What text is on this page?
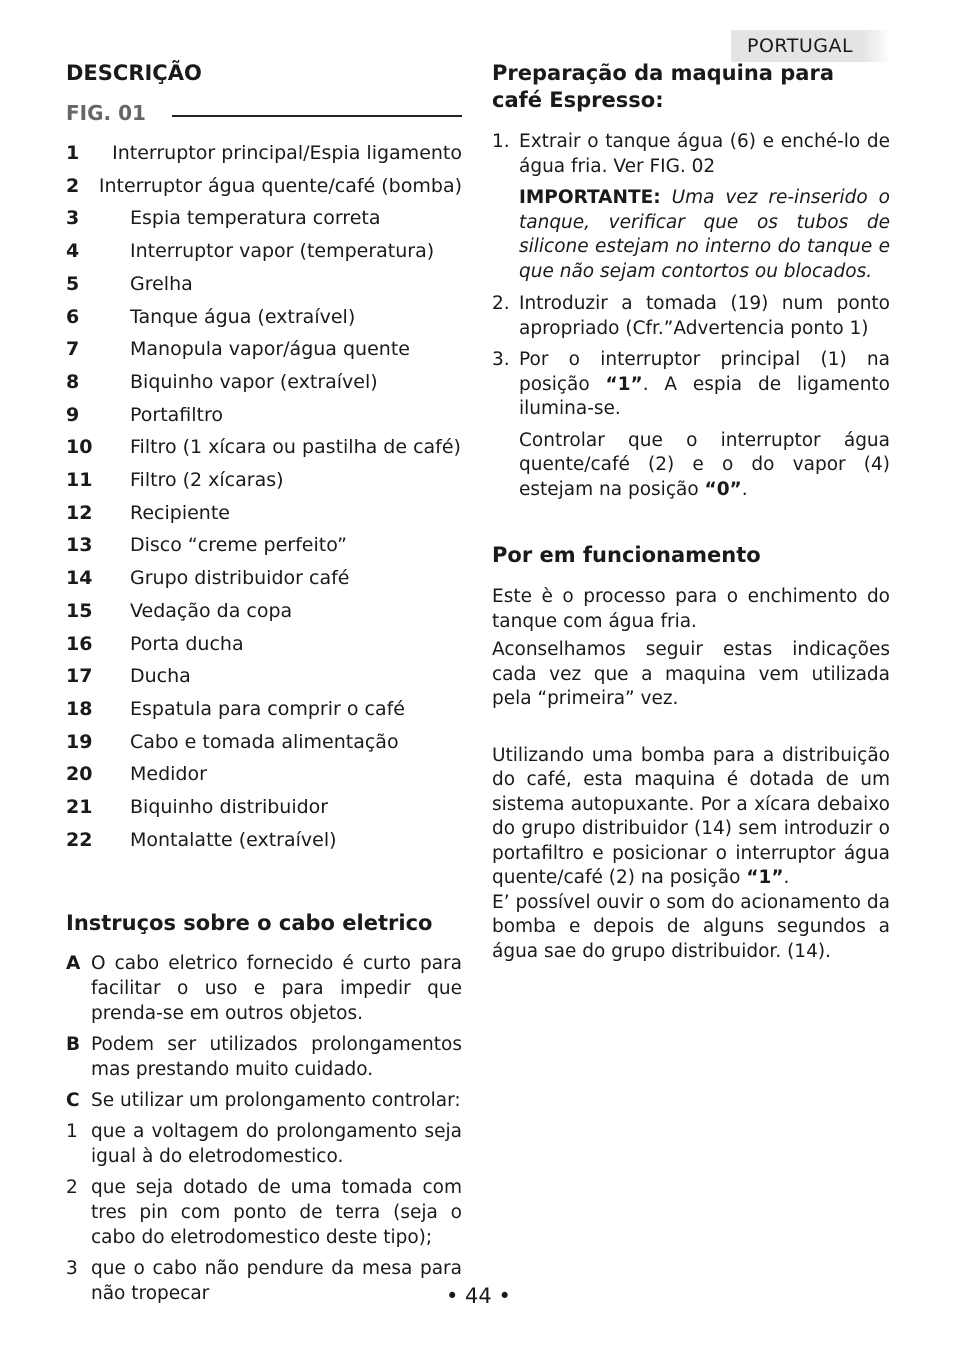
PORTUGAL
DESCRIÇÃO
FIG. 01
1	Interruptor principal/Espia ligamento
2	Interruptor água quente/café (bomba)
3	Espia temperatura correta
4	Interruptor vapor (temperatura)
5	Grelha
6	Tanque água (extraível)
7	Manopula vapor/água quente
8	Biquinho vapor (extraível)
9	Portafiltro
10	Filtro (1 xícara ou pastilha de café)
11	Filtro (2 xícaras)
12	Recipiente
13	Disco “creme perfeito”
14	Grupo distribuidor café
15	Vedação da copa
16	Porta ducha
17	Ducha
18	Espatula para comprir o café
19	Cabo e tomada alimentação
20	Medidor
21	Biquinho distribuidor
22	Montalatte (extraível)
Instruços sobre o cabo eletrico
A O cabo eletrico fornecido é curto para facilitar o uso e para impedir que prenda-se em outros objetos.
B Podem ser utilizados prolongamentos mas prestando muito cuidado.
C Se utilizar um prolongamento controlar:
1 que a voltagem do prolongamento seja igual à do eletrodomestico.
2 que seja dotado de uma tomada com tres pin com ponto de terra (seja o cabo do eletrodomestico deste tipo);
3 que o cabo não pendure da mesa para não tropecar
Preparação da maquina para café Espresso:
1. Extrair o tanque água (6) e enché-lo de água fria. Ver FIG. 02
IMPORTANTE: Uma vez re-inserido o tanque, verificar que os tubos de silicone estejam no interno do tanque e que não sejam contortos ou blocados.
2. Introduzir a tomada (19) num ponto apropriado (Cfr.”Advertencia ponto 1)
3. Por o interruptor principal (1) na posição “1”. A espia de ligamento ilumina-se.
Controlar que o interruptor água quente/café (2) e o do vapor (4) estejam na posição “0”.
Por em funcionamento

Este è o processo para o enchimento do tanque com água fria.

Aconselhamos seguir estas indicações cada vez que a maquina vem utilizada pela “primeira” vez.

Utilizando uma bomba para a distribuição do café, esta maquina é dotada de um sistema autopuxante. Por a xícara debaixo do grupo distribuidor (14) sem introduzir o portafiltro e posicionar o interruptor água quente/café (2) na posição “1”.

E’ possível ouvir o som do acionamento da bomba e depois de alguns segundos a água sae do grupo distribuidor. (14).

• 44 •
